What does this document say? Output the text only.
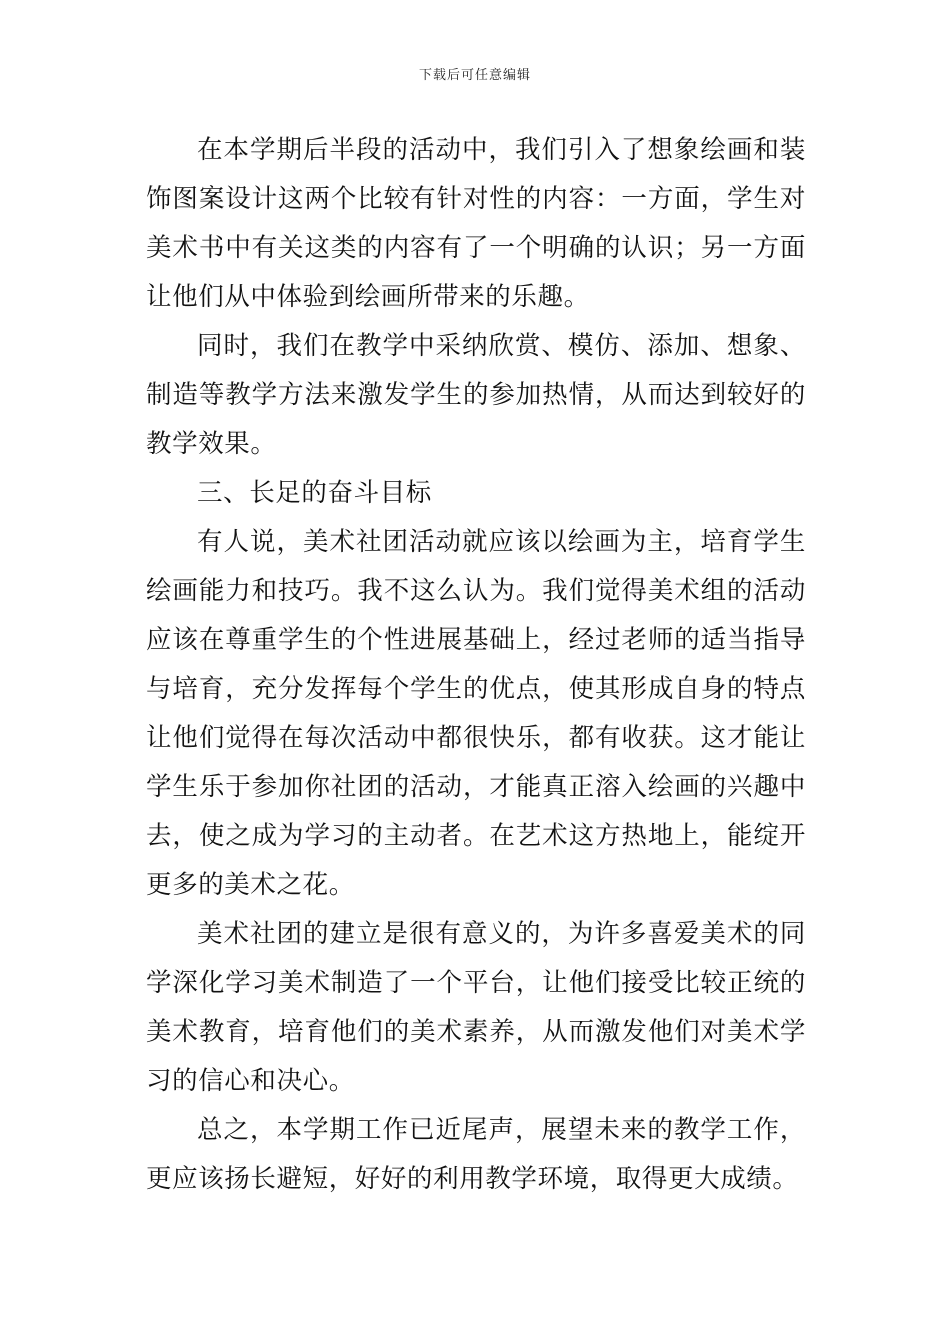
下载后可任意编辑

在本学期后半段的活动中，我们引入了想象绘画和装饰图案设计这两个比较有针对性的内容：一方面，学生对美术书中有关这类的内容有了一个明确的认识；另一方面让他们从中体验到绘画所带来的乐趣。

同时，我们在教学中采纳欣赏、模仿、添加、想象、制造等教学方法来激发学生的参加热情，从而达到较好的教学效果。

三、长足的奋斗目标

有人说，美术社团活动就应该以绘画为主，培育学生绘画能力和技巧。我不这么认为。我们觉得美术组的活动应该在尊重学生的个性进展基础上，经过老师的适当指导与培育，充分发挥每个学生的优点，使其形成自身的特点让他们觉得在每次活动中都很快乐，都有收获。这才能让学生乐于参加你社团的活动，才能真正溶入绘画的兴趣中去，使之成为学习的主动者。在艺术这方热地上，能绽开更多的美术之花。

美术社团的建立是很有意义的，为许多喜爱美术的同学深化学习美术制造了一个平台，让他们接受比较正统的美术教育，培育他们的美术素养，从而激发他们对美术学习的信心和决心。

总之，本学期工作已近尾声，展望未来的教学工作，更应该扬长避短，好好的利用教学环境，取得更大成绩。
